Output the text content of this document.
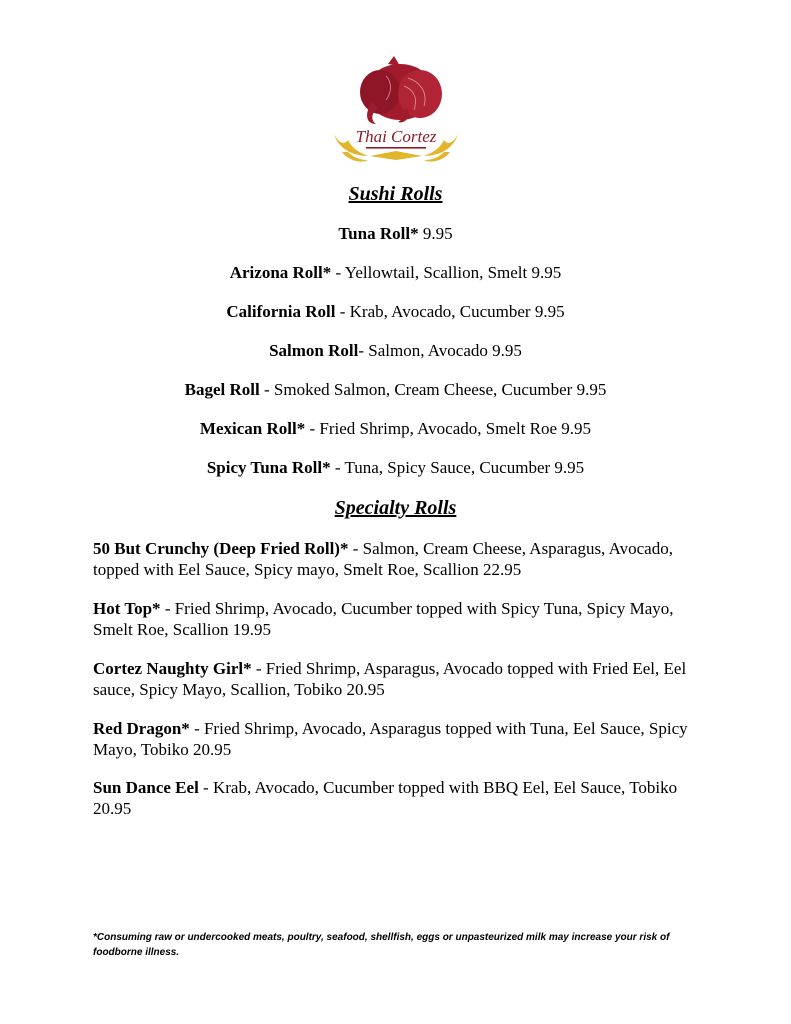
Thai Cortez
Sushi Rolls
Tuna Roll* 9.95
Arizona Roll* - Yellowtail, Scallion, Smelt 9.95
California Roll - Krab, Avocado, Cucumber 9.95
Salmon Roll- Salmon, Avocado 9.95
Bagel Roll - Smoked Salmon, Cream Cheese, Cucumber 9.95
Mexican Roll* - Fried Shrimp, Avocado, Smelt Roe 9.95
Spicy Tuna Roll* - Tuna, Spicy Sauce, Cucumber 9.95
Specialty Rolls
50 But Crunchy (Deep Fried Roll)* - Salmon, Cream Cheese, Asparagus, Avocado, topped with Eel Sauce, Spicy mayo, Smelt Roe, Scallion 22.95
Hot Top* - Fried Shrimp, Avocado, Cucumber topped with Spicy Tuna, Spicy Mayo, Smelt Roe, Scallion 19.95
Cortez Naughty Girl* - Fried Shrimp, Asparagus, Avocado topped with Fried Eel, Eel sauce, Spicy Mayo, Scallion, Tobiko 20.95
Red Dragon* - Fried Shrimp, Avocado, Asparagus topped with Tuna, Eel Sauce, Spicy Mayo, Tobiko 20.95
Sun Dance Eel - Krab, Avocado, Cucumber topped with BBQ Eel, Eel Sauce, Tobiko 20.95
*Consuming raw or undercooked meats, poultry, seafood, shellfish, eggs or unpasteurized milk may increase your risk of foodborne illness.
